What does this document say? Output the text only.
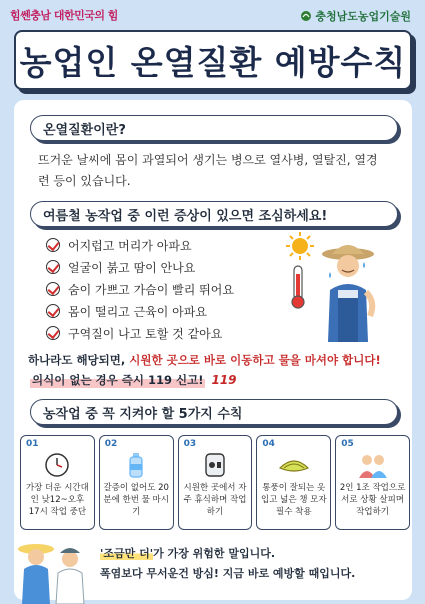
힘쎈충남 대한민국의 힘	충청남도농업기술원
농업인 온열질환 예방수칙
온열질환이란?
뜨거운 날씨에 몸이 과열되어 생기는 병으로 열사병, 열탈진, 열경련 등이 있습니다.
여름철 농작업 중 이런 증상이 있으면 조심하세요!
어지럽고 머리가 아파요
얼굴이 붉고 땀이 안나요
숨이 가쁘고 가슴이 빨리 뛰어요
몸이 떨리고 근육이 아파요
구역질이 나고 토할 것 같아요
하나라도 해당되면, 시원한 곳으로 바로 이동하고 물을 마셔야 합니다!
의식이 없는 경우 즉시 119 신고! 119
농작업 중 꼭 지켜야 할 5가지 수칙
01
가장 더운 시간대인 낮12~오후 17시 작업 중단
02
갈증이 없어도 20분에 한번 물 마시기
03
시원한 곳에서 자주 휴식하며 작업하기
04
통풍이 잘되는 옷 입고 넓은 챙 모자 필수 착용
05
2인 1조 작업으로 서로 상황 살피며 작업하기
'조금만 더'가 가장 위험한 말입니다.
폭염보다 무서운건 방심! 지금 바로 예방할 때입니다.
korea media news
